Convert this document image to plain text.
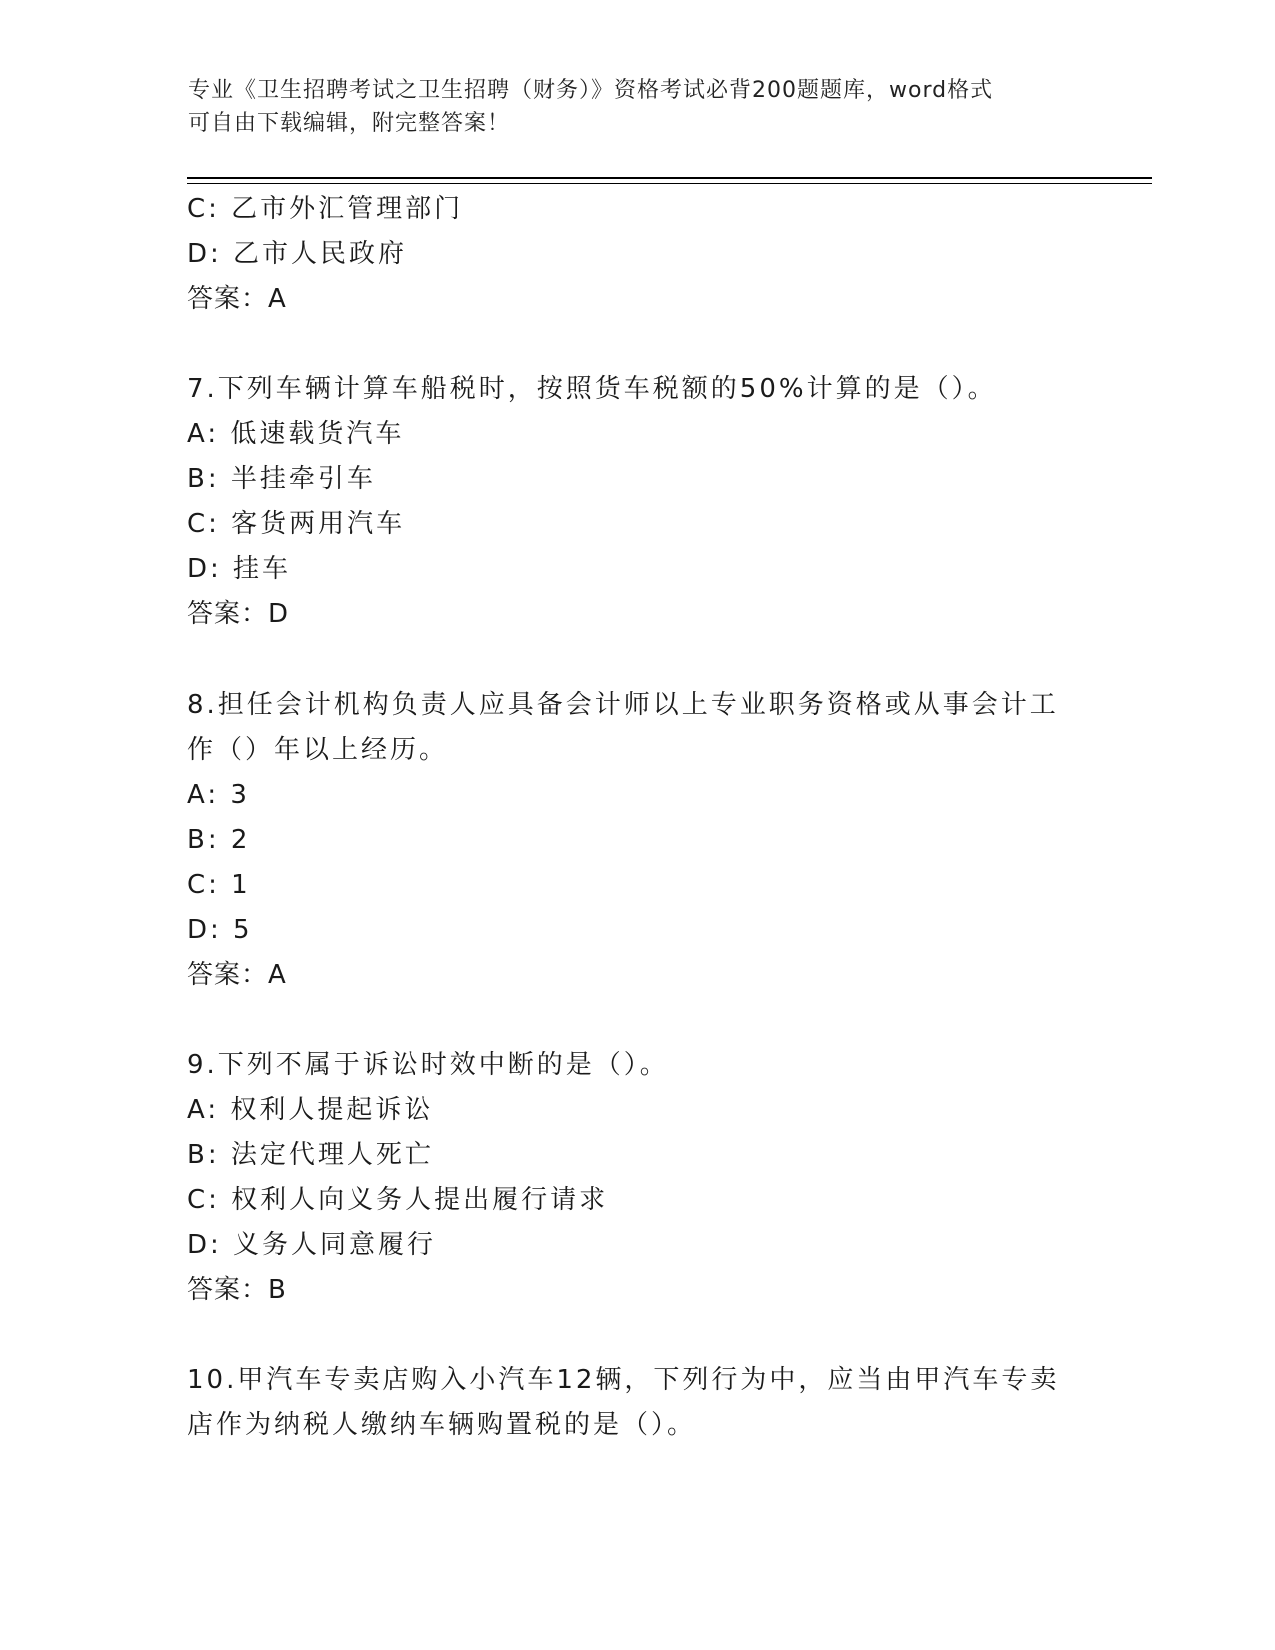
专业《卫生招聘考试之卫生招聘（财务）》资格考试必背200题题库，word格式
可自由下载编辑，附完整答案！
C: 乙市外汇管理部门
D: 乙市人民政府
答案：A
7.下列车辆计算车船税时，按照货车税额的50%计算的是（）。
A: 低速载货汽车
B: 半挂牵引车
C: 客货两用汽车
D: 挂车
答案：D
8.担任会计机构负责人应具备会计师以上专业职务资格或从事会计工
作（）年以上经历。
A: 3
B: 2
C: 1
D: 5
答案：A
9.下列不属于诉讼时效中断的是（）。
A: 权利人提起诉讼
B: 法定代理人死亡
C: 权利人向义务人提出履行请求
D: 义务人同意履行
答案：B
10.甲汽车专卖店购入小汽车12辆，下列行为中，应当由甲汽车专卖
店作为纳税人缴纳车辆购置税的是（）。
